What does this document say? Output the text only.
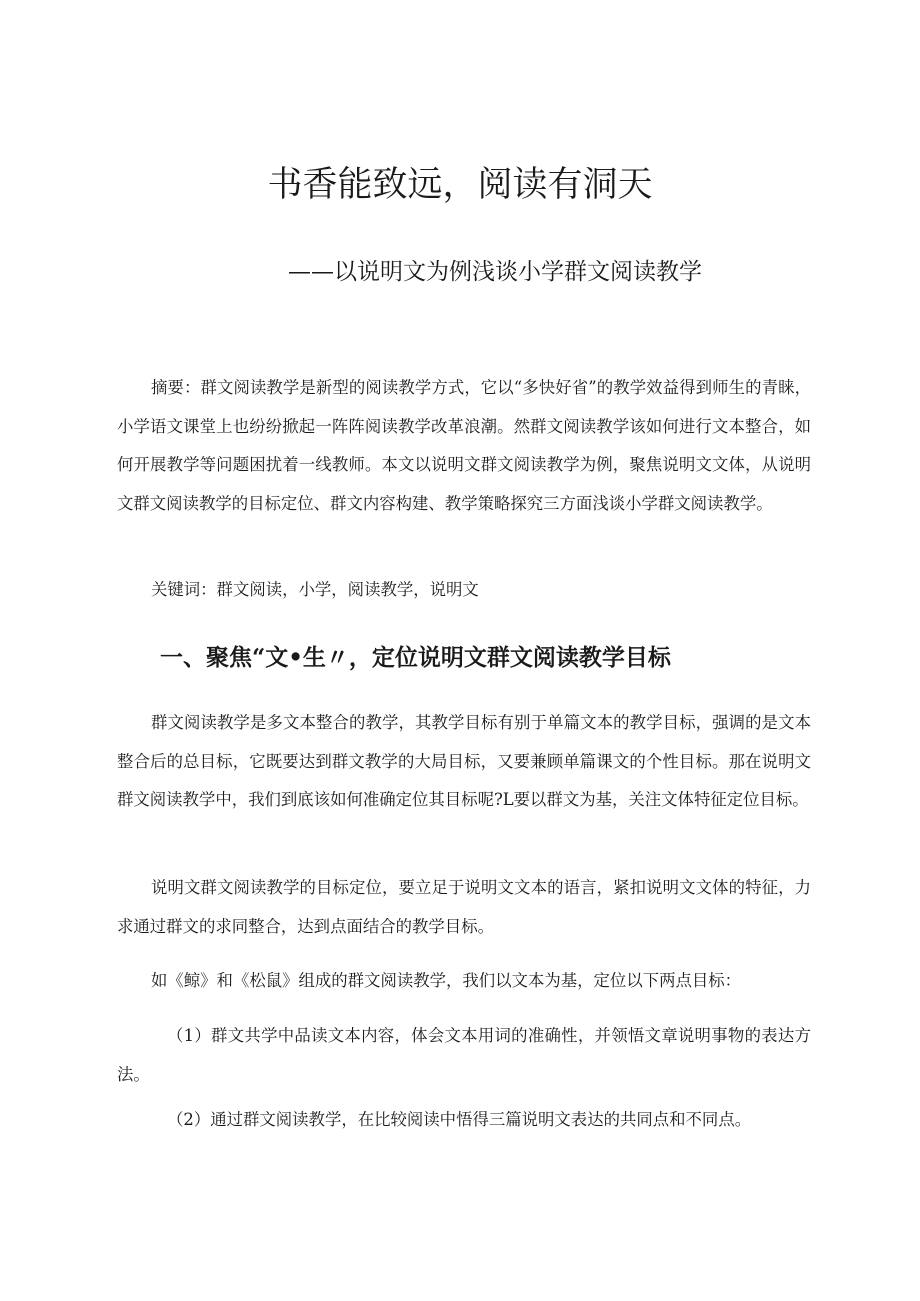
书香能致远，阅读有洞天
——以说明文为例浅谈小学群文阅读教学

摘要：群文阅读教学是新型的阅读教学方式，它以“多快好省”的教学效益得到师生的青睐，小学语文课堂上也纷纷掀起一阵阵阅读教学改革浪潮。然群文阅读教学该如何进行文本整合，如何开展教学等问题困扰着一线教师。本文以说明文群文阅读教学为例，聚焦说明文文体，从说明文群文阅读教学的目标定位、群文内容构建、教学策略探究三方面浅谈小学群文阅读教学。

关键词：群文阅读，小学，阅读教学，说明文

一、聚焦“文•生〃，定位说明文群文阅读教学目标

群文阅读教学是多文本整合的教学，其教学目标有别于单篇文本的教学目标，强调的是文本整合后的总目标，它既要达到群文教学的大局目标，又要兼顾单篇课文的个性目标。那在说明文群文阅读教学中，我们到底该如何准确定位其目标呢?L要以群文为基，关注文体特征定位目标。

说明文群文阅读教学的目标定位，要立足于说明文文本的语言，紧扣说明文文体的特征，力求通过群文的求同整合，达到点面结合的教学目标。

如《鲸》和《松鼠》组成的群文阅读教学，我们以文本为基，定位以下两点目标：

（1）群文共学中品读文本内容，体会文本用词的准确性，并领悟文章说明事物的表达方法。

（2）通过群文阅读教学，在比较阅读中悟得三篇说明文表达的共同点和不同点。
